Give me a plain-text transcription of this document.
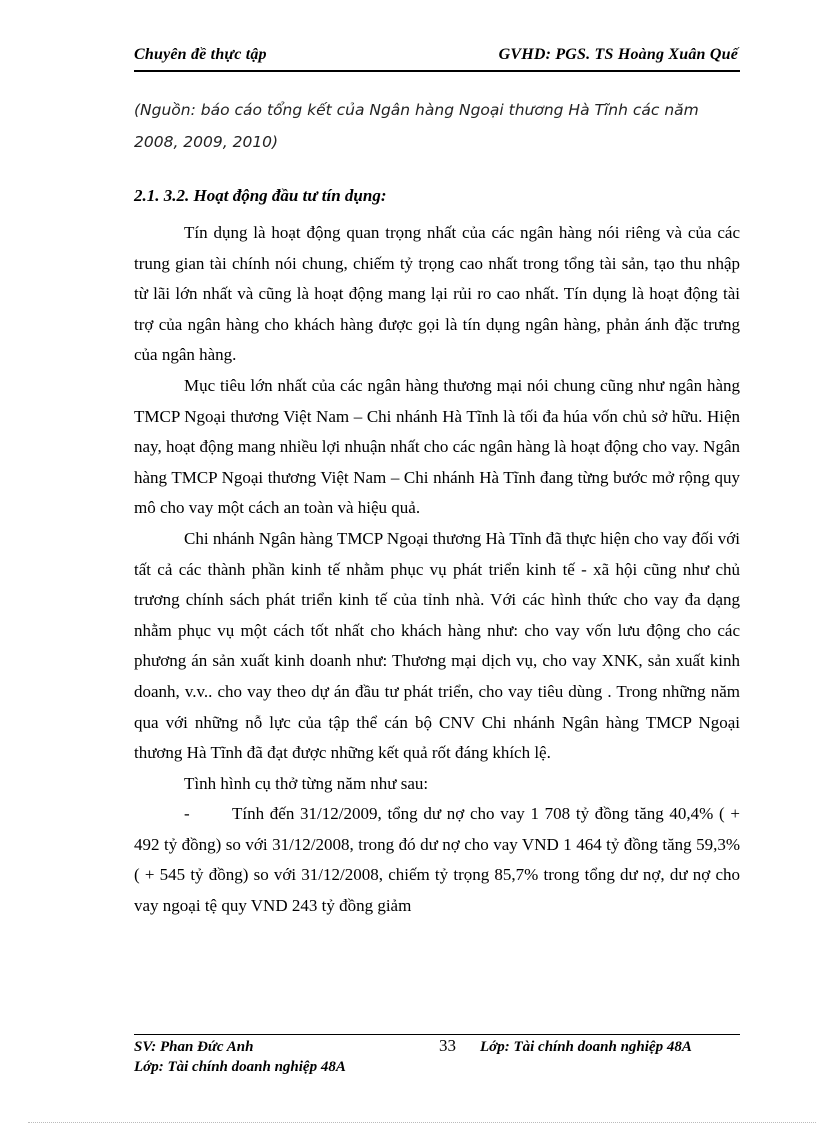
Chuyên đề thực tập	GVHD: PGS. TS Hoàng Xuân Quế
(Nguồn: báo cáo tổng kết của Ngân hàng Ngoại thương Hà Tĩnh các năm 2008, 2009, 2010)
2.1. 3.2. Hoạt động đầu tư tín dụng:

Tín dụng là hoạt động quan trọng nhất của các ngân hàng nói riêng và của các trung gian tài chính nói chung, chiếm tỷ trọng cao nhất trong tổng tài sản, tạo thu nhập từ lãi lớn nhất và cũng là hoạt động mang lại rủi ro cao nhất. Tín dụng là hoạt động tài trợ của ngân hàng cho khách hàng được gọi là tín dụng ngân hàng, phản ánh đặc trưng của ngân hàng.

Mục tiêu lớn nhất của các ngân hàng thương mại nói chung cũng như ngân hàng TMCP Ngoại thương Việt Nam – Chi nhánh Hà Tĩnh là tối đa húa vốn chủ sở hữu. Hiện nay, hoạt động mang nhiều lợi nhuận nhất cho các ngân hàng là hoạt động cho vay. Ngân hàng TMCP Ngoại thương Việt Nam – Chi nhánh Hà Tĩnh đang từng bước mở rộng quy mô cho vay một cách an toàn và hiệu quả.

Chi nhánh Ngân hàng TMCP Ngoại thương Hà Tĩnh đã thực hiện cho vay đối với tất cả các thành phần kinh tế nhằm phục vụ phát triển kinh tế - xã hội cũng như chủ trương chính sách phát triển kinh tế của tỉnh nhà. Với các hình thức cho vay đa dạng nhằm phục vụ một cách tốt nhất cho khách hàng như: cho vay vốn lưu động cho các phương án sản xuất kinh doanh như: Thương mại dịch vụ, cho vay XNK, sản xuất kinh doanh, v.v.. cho vay theo dự án đầu tư phát triển, cho vay tiêu dùng . Trong những năm qua với những nỗ lực của tập thể cán bộ CNV Chi nhánh Ngân hàng TMCP Ngoại thương Hà Tĩnh đã đạt được những kết quả rốt đáng khích lệ.

Tình hình cụ thở từng năm như sau:

- Tính đến 31/12/2009, tổng dư nợ cho vay 1 708 tỷ đồng tăng 40,4% ( + 492 tỷ đồng) so với 31/12/2008, trong đó dư nợ cho vay VND 1 464 tỷ đồng tăng 59,3% ( + 545 tỷ đồng) so với 31/12/2008, chiếm tỷ trọng 85,7% trong tổng dư nợ, dư nợ cho vay ngoại tệ quy VND 243 tỷ đồng giảm

SV: Phan Đức Anh	33 Lớp: Tài chính doanh nghiệp 48A
Lớp: Tài chính doanh nghiệp 48A
